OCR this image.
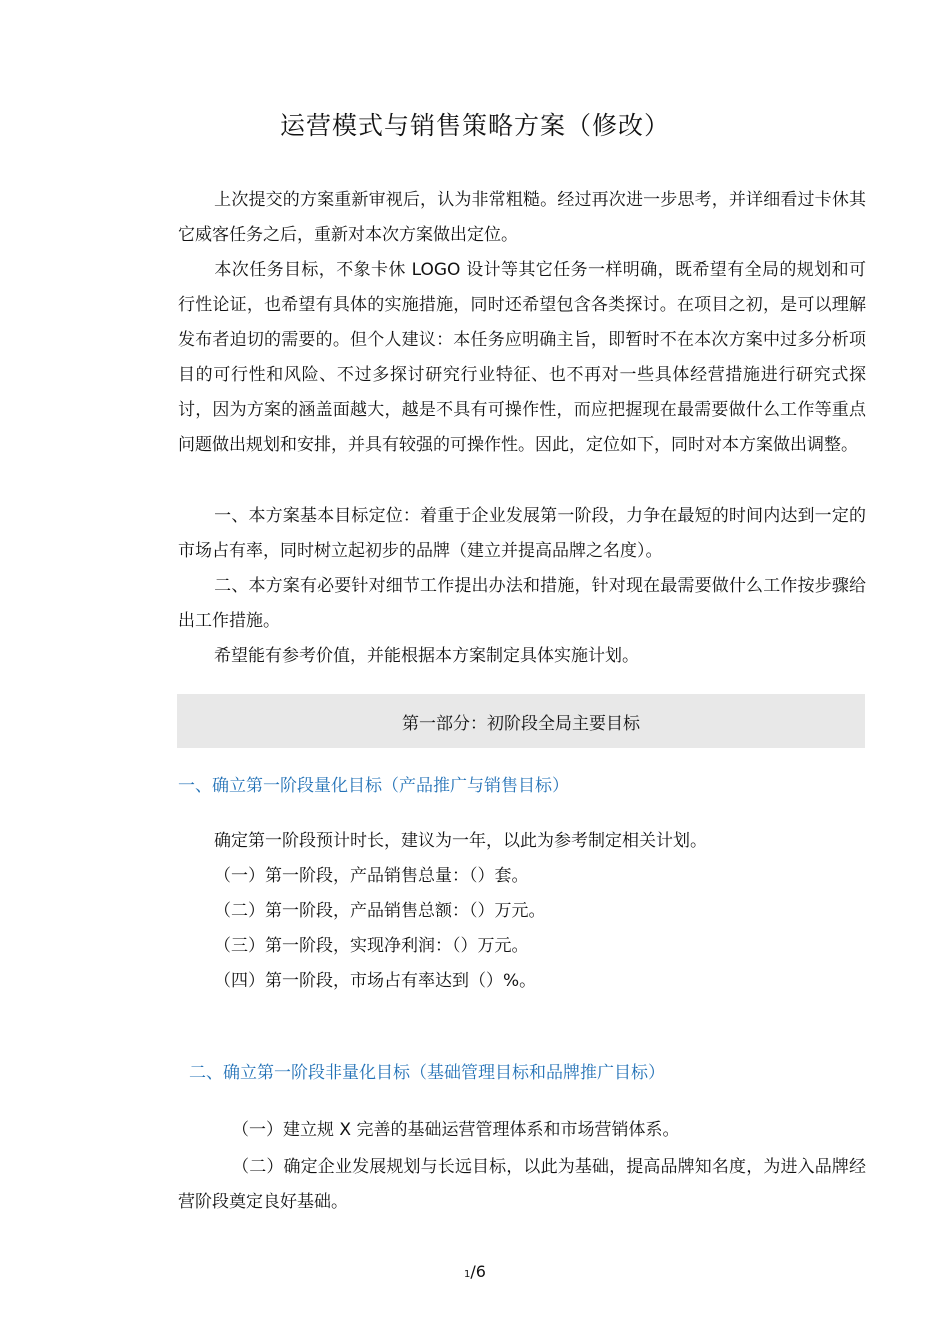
运营模式与销售策略方案（修改）

上次提交的方案重新审视后，认为非常粗糙。经过再次进一步思考，并详细看过卡休其它威客任务之后，重新对本次方案做出定位。

本次任务目标，不象卡休 LOGO 设计等其它任务一样明确，既希望有全局的规划和可行性论证，也希望有具体的实施措施，同时还希望包含各类探讨。在项目之初，是可以理解发布者迫切的需要的。但个人建议：本任务应明确主旨，即暂时不在本次方案中过多分析项目的可行性和风险、不过多探讨研究行业特征、也不再对一些具体经营措施进行研究式探讨，因为方案的涵盖面越大，越是不具有可操作性，而应把握现在最需要做什么工作等重点问题做出规划和安排，并具有较强的可操作性。因此，定位如下，同时对本方案做出调整。

一、本方案基本目标定位：着重于企业发展第一阶段，力争在最短的时间内达到一定的市场占有率，同时树立起初步的品牌（建立并提高品牌之名度）。

二、本方案有必要针对细节工作提出办法和措施，针对现在最需要做什么工作按步骤给出工作措施。

希望能有参考价值，并能根据本方案制定具体实施计划。

第一部分：初阶段全局主要目标
一、确立第一阶段量化目标（产品推广与销售目标）
确定第一阶段预计时长，建议为一年，以此为参考制定相关计划。
（一）第一阶段，产品销售总量：（）套。
（二）第一阶段，产品销售总额：（）万元。
（三）第一阶段，实现净利润：（）万元。
（四）第一阶段，市场占有率达到（）%。
二、确立第一阶段非量化目标（基础管理目标和品牌推广目标）
（一）建立规 X 完善的基础运营管理体系和市场营销体系。

（二）确定企业发展规划与长远目标，以此为基础，提高品牌知名度，为进入品牌经营阶段奠定良好基础。

1/6
